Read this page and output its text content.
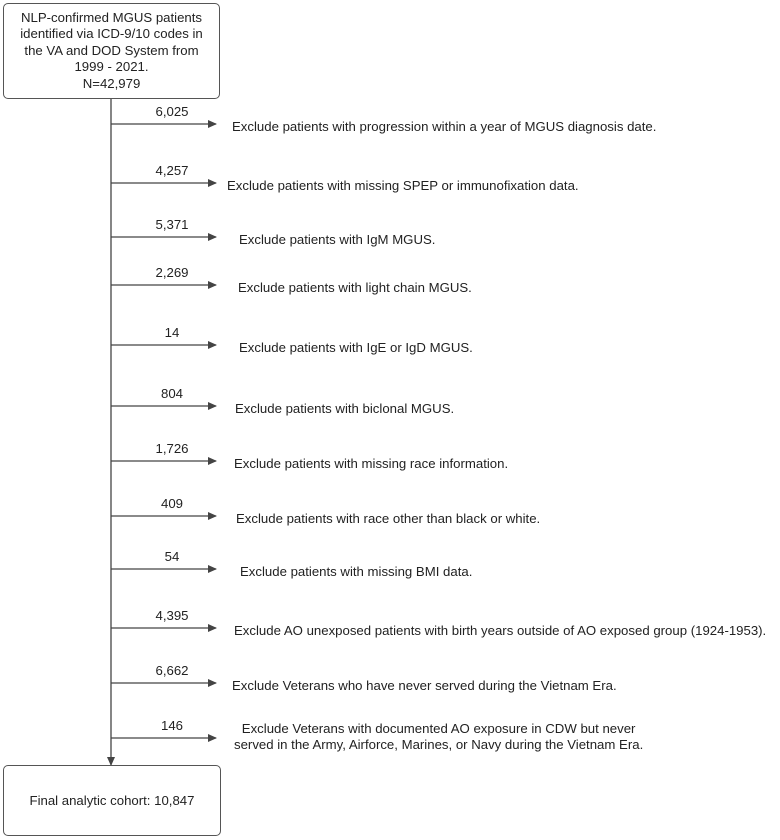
NLP-confirmed MGUS patients
identified via ICD-9/10 codes in
the VA and DOD System from
1999 - 2021.
N=42,979
6,025
Exclude patients with progression within a year of MGUS diagnosis date.
4,257
Exclude patients with missing SPEP or immunofixation data.
5,371
Exclude patients with IgM MGUS.
2,269
Exclude patients with light chain MGUS.
14
Exclude patients with IgE or IgD MGUS.
804
Exclude patients with biclonal MGUS.
1,726
Exclude patients with missing race information.
409
Exclude patients with race other than black or white.
54
Exclude patients with missing BMI data.
4,395
Exclude AO unexposed patients with birth years outside of AO exposed group (1924-1953).
6,662
Exclude Veterans who have never served during the Vietnam Era.
146	Exclude Veterans with documented AO exposure in CDW but never
served in the Army, Airforce, Marines, or Navy during the Vietnam Era.
Final analytic cohort: 10,847
